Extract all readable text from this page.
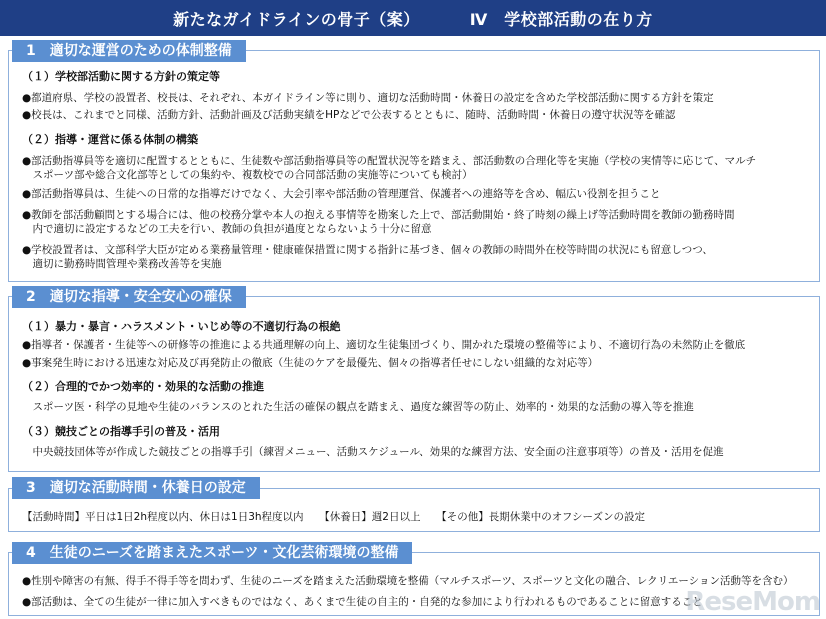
新たなガイドラインの骨子（案）	Ⅳ　学校部活動の在り方
1　適切な運営のための体制整備
（１）学校部活動に関する方針の策定等
●都道府県、学校の設置者、校長は、それぞれ、本ガイドライン等に則り、適切な活動時間・休養日の設定を含めた学校部活動に関する方針を策定
●校長は、これまでと同様、活動方針、活動計画及び活動実績をHPなどで公表するとともに、随時、活動時間・休養日の遵守状況等を確認
（２）指導・運営に係る体制の構築
●部活動指導員等を適切に配置するとともに、生徒数や部活動指導員等の配置状況等を踏まえ、部活動数の合理化等を実施（学校の実情等に応じて、マルチ
　スポーツ部や総合文化部等としての集約や、複数校での合同部活動の実施等についても検討）
●部活動指導員は、生徒への日常的な指導だけでなく、大会引率や部活動の管理運営、保護者への連絡等を含め、幅広い役割を担うこと
●教師を部活動顧問とする場合には、他の校務分掌や本人の抱える事情等を勘案した上で、部活動開始・終了時刻の繰上げ等活動時間を教師の勤務時間
　内で適切に設定するなどの工夫を行い、教師の負担が過度とならないよう十分に留意
●学校設置者は、文部科学大臣が定める業務量管理・健康確保措置に関する指針に基づき、個々の教師の時間外在校等時間の状況にも留意しつつ、
　適切に勤務時間管理や業務改善等を実施
2　適切な指導・安全安心の確保
（１）暴力・暴言・ハラスメント・いじめ等の不適切行為の根絶
●指導者・保護者・生徒等への研修等の推進による共通理解の向上、適切な生徒集団づくり、開かれた環境の整備等により、不適切行為の未然防止を徹底
●事案発生時における迅速な対応及び再発防止の徹底（生徒のケアを最優先、個々の指導者任せにしない組織的な対応等）
（２）合理的でかつ効率的・効果的な活動の推進
　スポーツ医・科学の見地や生徒のバランスのとれた生活の確保の観点を踏まえ、過度な練習等の防止、効率的・効果的な活動の導入等を推進
（３）競技ごとの指導手引の普及・活用
　中央競技団体等が作成した競技ごとの指導手引（練習メニュー、活動スケジュール、効果的な練習方法、安全面の注意事項等）の普及・活用を促進
3　適切な活動時間・休養日の設定
【活動時間】平日は1日2h程度以内、休日は1日3h程度以内　　【休養日】週2日以上　　【その他】長期休業中のオフシーズンの設定
4　生徒のニーズを踏まえたスポーツ・文化芸術環境の整備
●性別や障害の有無、得手不得手等を問わず、生徒のニーズを踏まえた活動環境を整備（マルチスポーツ、スポーツと文化の融合、レクリエーション活動等を含む）
●部活動は、全ての生徒が一律に加入すべきものではなく、あくまで生徒の自主的・自発的な参加により行われるものであることに留意すること
ReseMom
